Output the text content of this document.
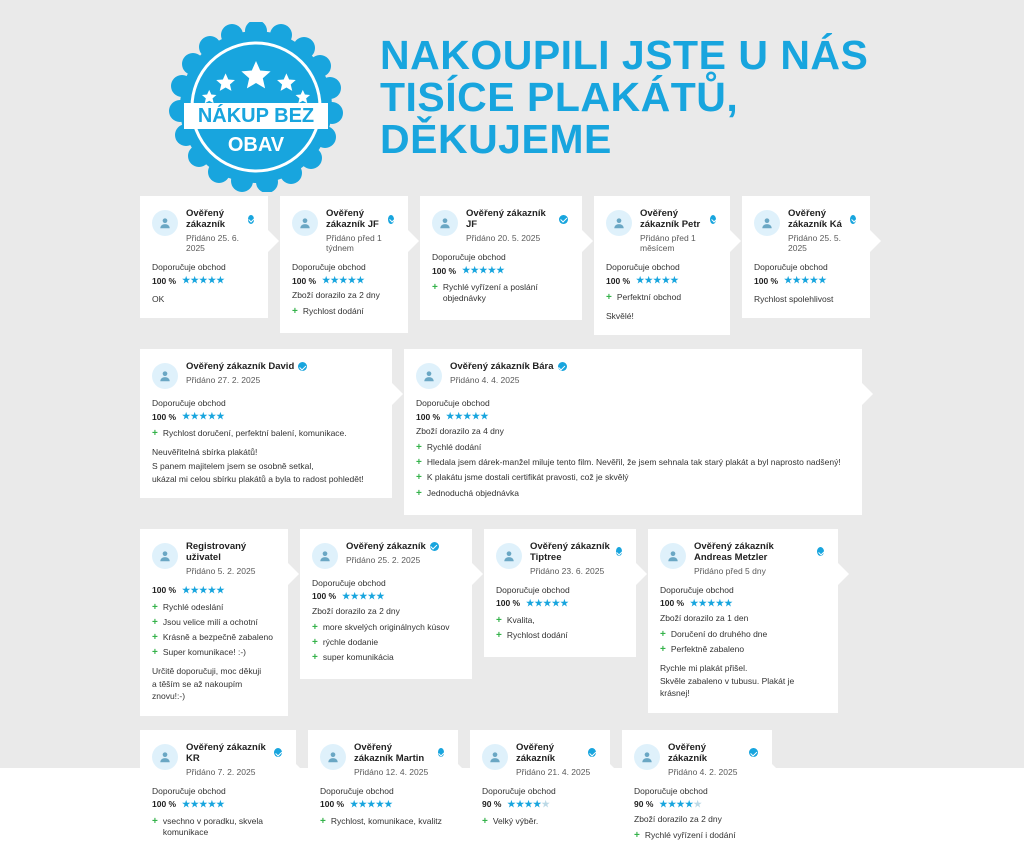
NÁKUP BEZ
OBAV
NAKOUPILI JSTE U NÁS
TISÍCE PLAKÁTŮ,
DĚKUJEME
Ověřený zákazník
Přidáno 25. 6. 2025
Doporučuje obchod
100 % ★★★★★
OK
Ověřený zákazník JF
Přidáno před 1 týdnem
Doporučuje obchod
100 % ★★★★★
Zboží dorazilo za 2 dny
+ Rychlost dodání
Ověřený zákazník JF
Přidáno 20. 5. 2025
Doporučuje obchod
100 % ★★★★★
+ Rychlé vyřízení a poslání objednávky
Ověřený zákazník Petr
Přidáno před 1 měsícem
Doporučuje obchod
100 % ★★★★★
+ Perfektní obchod
Skvělé!
Ověřený zákazník Ká
Přidáno 25. 5. 2025
Doporučuje obchod
100 % ★★★★★
Rychlost spolehlivost
Ověřený zákazník David
Přidáno 27. 2. 2025
Doporučuje obchod
100 % ★★★★★
+ Rychlost doručení, perfektní balení, komunikace.
Neuvěřitelná sbírka plakátů!
S panem majitelem jsem se osobně setkal,
ukázal mi celou sbírku plakátů a byla to radost pohledět!
Ověřený zákazník Bára
Přidáno 4. 4. 2025
Doporučuje obchod
100 % ★★★★★
Zboží dorazilo za 4 dny
+ Rychlé dodání
+ Hledala jsem dárek-manžel miluje tento film. Nevěřil, že jsem sehnala tak starý plakát a byl naprosto nadšený!
+ K plakátu jsme dostali certifikát pravosti, což je skvělý
+ Jednoduchá objednávka
Registrovaný uživatel
Přidáno 5. 2. 2025
100 % ★★★★★
+ Rychlé odeslání
+ Jsou velice milí a ochotní
+ Krásně a bezpečně zabaleno
+ Super komunikace! :-)
Určitě doporučuji, moc děkuji
a těším se až nakoupím znovu!:-)
Ověřený zákazník
Přidáno 25. 2. 2025
Doporučuje obchod
100 % ★★★★★
Zboží dorazilo za 2 dny
+ more skvelých originálnych kúsov
+ rýchle dodanie
+ super komunikácia
Ověřený zákazník Tiptree
Přidáno 23. 6. 2025
Doporučuje obchod
100 % ★★★★★
+ Kvalita,
+ Rychlost dodání
Ověřený zákazník Andreas Metzler
Přidáno před 5 dny
Doporučuje obchod
100 % ★★★★★
Zboží dorazilo za 1 den
+ Doručení do druhého dne
+ Perfektně zabaleno
Rychle mi plakát přišel.
Skvěle zabaleno v tubusu. Plakát je krásnej!
Ověřený zákazník KR
Přidáno 7. 2. 2025
Doporučuje obchod
100 % ★★★★★
+ vsechno v poradku, skvela komunikace
Ověřený zákazník Martin
Přidáno 12. 4. 2025
Doporučuje obchod
100 % ★★★★★
+ Rychlost, komunikace, kvalitz
Ověřený zákazník
Přidáno 21. 4. 2025
Doporučuje obchod
90 % ★★★★★
+ Velký výběr.
Ověřený zákazník
Přidáno 4. 2. 2025
Doporučuje obchod
90 % ★★★★★
Zboží dorazilo za 2 dny
+ Rychlé vyřízení i dodání
